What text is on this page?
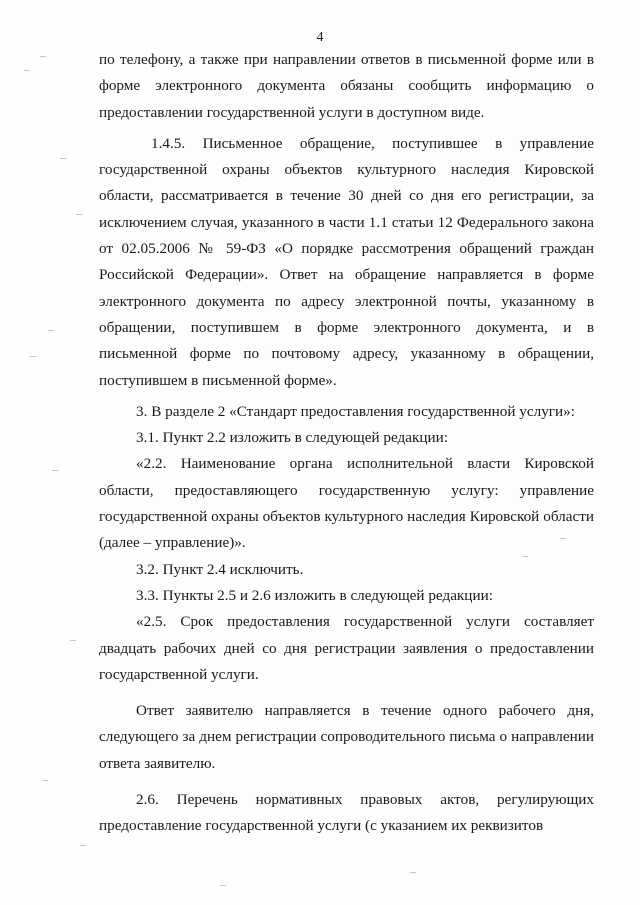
4

по телефону, а также при направлении ответов в письменной форме или в форме электронного документа обязаны сообщить информацию о предоставлении государственной услуги в доступном виде.

1.4.5. Письменное обращение, поступившее в управление государственной охраны объектов культурного наследия Кировской области, рассматривается в течение 30 дней со дня его регистрации, за исключением случая, указанного в части 1.1 статьи 12 Федерального закона от 02.05.2006 № 59-ФЗ «О порядке рассмотрения обращений граждан Российской Федерации». Ответ на обращение направляется в форме электронного документа по адресу электронной почты, указанному в обращении, поступившем в форме электронного документа, и в письменной форме по почтовому адресу, указанному в обращении, поступившем в письменной форме».

3. В разделе 2 «Стандарт предоставления государственной услуги»:

3.1. Пункт 2.2 изложить в следующей редакции:

«2.2. Наименование органа исполнительной власти Кировской области, предоставляющего государственную услугу: управление государственной охраны объектов культурного наследия Кировской области (далее – управление)».

3.2. Пункт 2.4 исключить.

3.3. Пункты 2.5 и 2.6 изложить в следующей редакции:

«2.5. Срок предоставления государственной услуги составляет двадцать рабочих дней со дня регистрации заявления о предоставлении государственной услуги.

Ответ заявителю направляется в течение одного рабочего дня, следующего за днем регистрации сопроводительного письма о направлении ответа заявителю.

2.6. Перечень нормативных правовых актов, регулирующих предоставление государственной услуги (с указанием их реквизитов
